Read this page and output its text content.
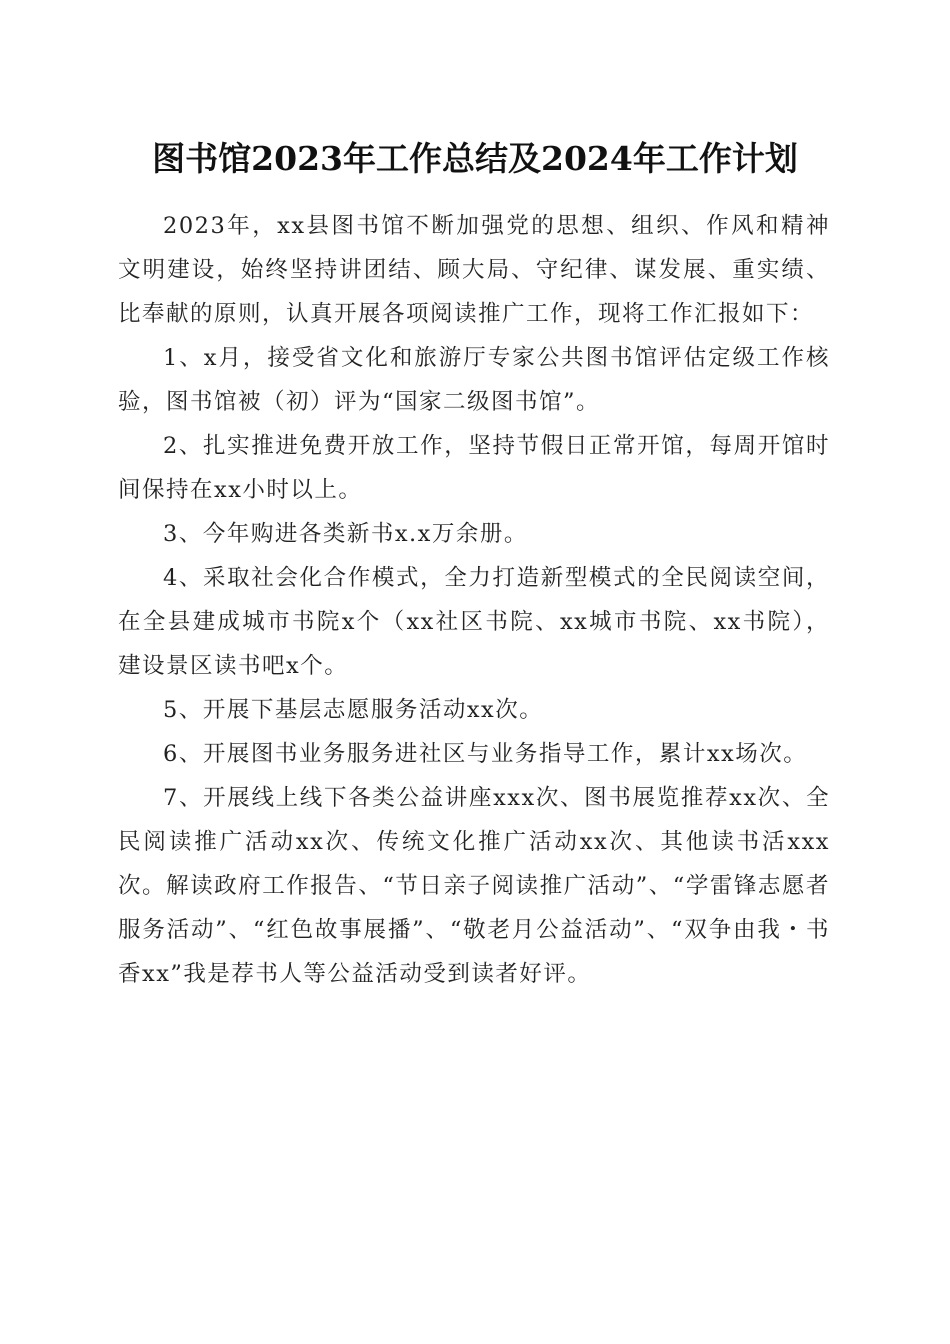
图书馆2023年工作总结及2024年工作计划

2023年，xx县图书馆不断加强党的思想、组织、作风和精神文明建设，始终坚持讲团结、顾大局、守纪律、谋发展、重实绩、比奉献的原则，认真开展各项阅读推广工作，现将工作汇报如下：

1、x月，接受省文化和旅游厅专家公共图书馆评估定级工作核验，图书馆被（初）评为“国家二级图书馆”。

2、扎实推进免费开放工作，坚持节假日正常开馆，每周开馆时间保持在xx小时以上。

3、今年购进各类新书x.x万余册。

4、采取社会化合作模式，全力打造新型模式的全民阅读空间，在全县建成城市书院x个（xx社区书院、xx城市书院、xx书院），建设景区读书吧x个。

5、开展下基层志愿服务活动xx次。

6、开展图书业务服务进社区与业务指导工作，累计xx场次。

7、开展线上线下各类公益讲座xxx次、图书展览推荐xx次、全民阅读推广活动xx次、传统文化推广活动xx次、其他读书活xxx次。解读政府工作报告、“节日亲子阅读推广活动”、“学雷锋志愿者服务活动”、“红色故事展播”、“敬老月公益活动”、“双争由我・书香xx”我是荐书人等公益活动受到读者好评。
